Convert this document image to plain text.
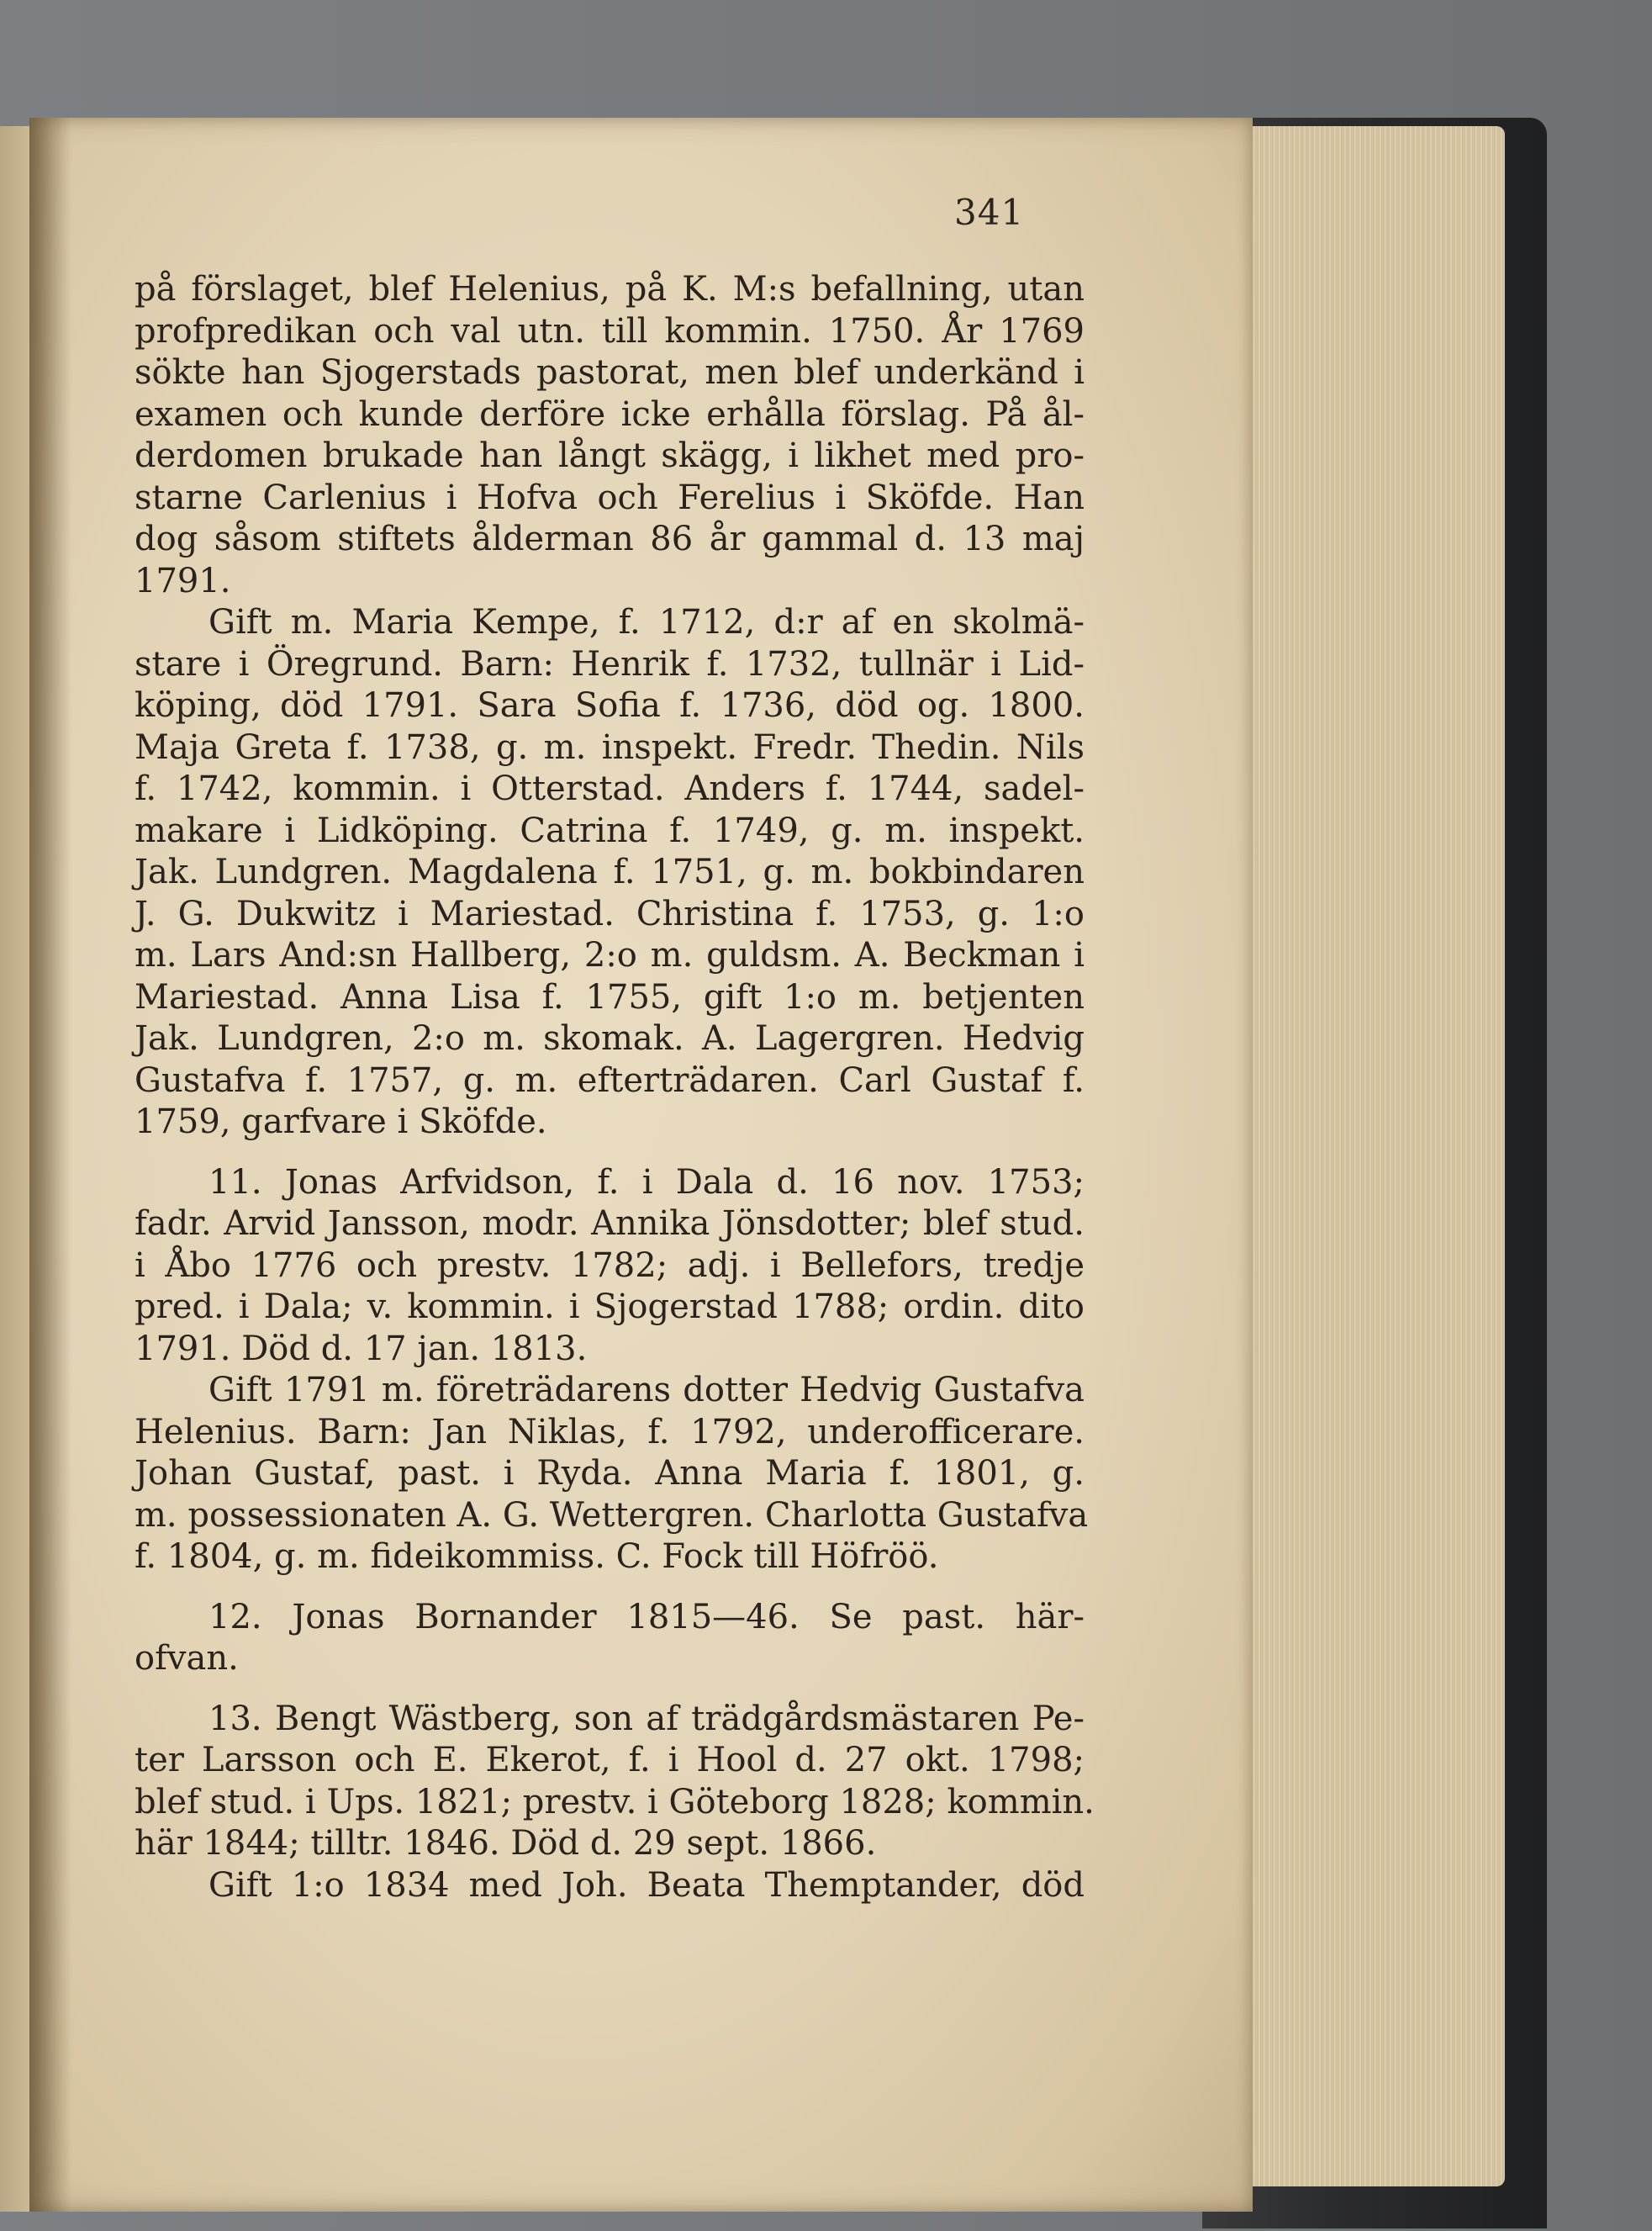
341
på förslaget, blef Helenius, på K. M:s befallning, utan
profpredikan och val utn. till kommin. 1750. År 1769
sökte han Sjogerstads pastorat, men blef underkänd i
examen och kunde derföre icke erhålla förslag. På ål-
derdomen brukade han långt skägg, i likhet med pro-
starne Carlenius i Hofva och Ferelius i Sköfde. Han
dog såsom stiftets ålderman 86 år gammal d. 13 maj
1791.
Gift m. Maria Kempe, f. 1712, d:r af en skolmä-
stare i Öregrund. Barn: Henrik f. 1732, tullnär i Lid-
köping, död 1791. Sara Sofia f. 1736, död og. 1800.
Maja Greta f. 1738, g. m. inspekt. Fredr. Thedin. Nils
f. 1742, kommin. i Otterstad. Anders f. 1744, sadel-
makare i Lidköping. Catrina f. 1749, g. m. inspekt.
Jak. Lundgren. Magdalena f. 1751, g. m. bokbindaren
J. G. Dukwitz i Mariestad. Christina f. 1753, g. 1:o
m. Lars And:sn Hallberg, 2:o m. guldsm. A. Beckman i
Mariestad. Anna Lisa f. 1755, gift 1:o m. betjenten
Jak. Lundgren, 2:o m. skomak. A. Lagergren. Hedvig
Gustafva f. 1757, g. m. efterträdaren. Carl Gustaf f.
1759, garfvare i Sköfde.
11. Jonas Arfvidson, f. i Dala d. 16 nov. 1753;
fadr. Arvid Jansson, modr. Annika Jönsdotter; blef stud.
i Åbo 1776 och prestv. 1782; adj. i Bellefors, tredje
pred. i Dala; v. kommin. i Sjogerstad 1788; ordin. dito
1791. Död d. 17 jan. 1813.
Gift 1791 m. företrädarens dotter Hedvig Gustafva
Helenius. Barn: Jan Niklas, f. 1792, underofficerare.
Johan Gustaf, past. i Ryda. Anna Maria f. 1801, g.
m. possessionaten A. G. Wettergren. Charlotta Gustafva
f. 1804, g. m. fideikommiss. C. Fock till Höfröö.
12. Jonas Bornander 1815—46. Se past. här-
ofvan.
13. Bengt Wästberg, son af trädgårdsmästaren Pe-
ter Larsson och E. Ekerot, f. i Hool d. 27 okt. 1798;
blef stud. i Ups. 1821; prestv. i Göteborg 1828; kommin.
här 1844; tilltr. 1846. Död d. 29 sept. 1866.
Gift 1:o 1834 med Joh. Beata Themptander, död
